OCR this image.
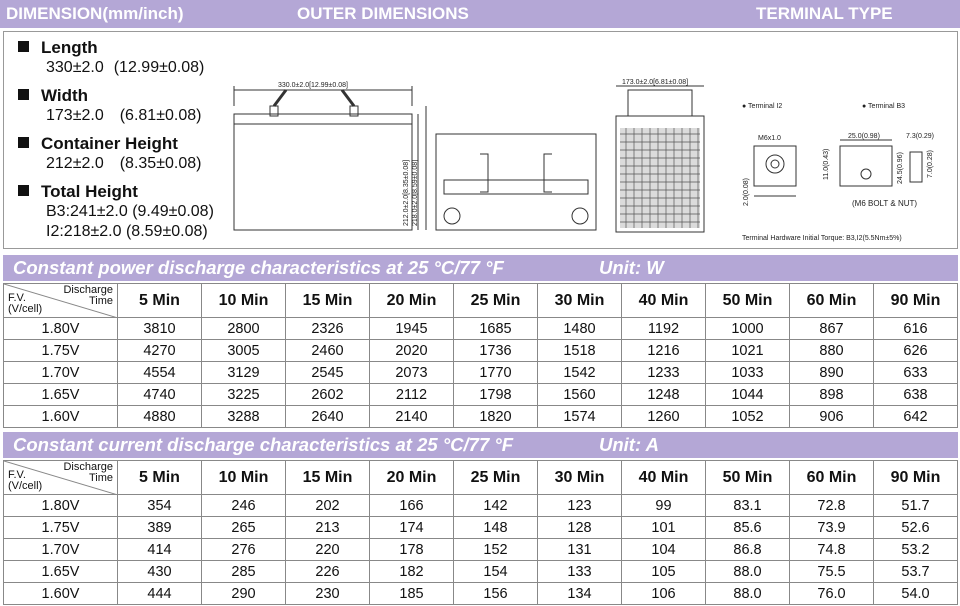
DIMENSION(mm/inch)	OUTER DIMENSIONS	TERMINAL TYPE
Length
330±2.0 (12.99±0.08)
Width
173±2.0 (6.81±0.08)
Container Height
212±2.0 (8.35±0.08)
Total Height
B3:241±2.0 (9.49±0.08)
I2:218±2.0 (8.59±0.08)
330.0±2.0[12.99±0.08]
212.0±2.0[8.35±0.08] 218.0±2.0[8.59±0.08]
173.0±2.0[6.81±0.08]
● Terminal I2	● Terminal B3
M6x1.0
11.0(0.43)
2.0(0.08)
25.0(0.98)	7.3(0.29)
24.5(0.96)	7.0(0.28)
(M6 BOLT & NUT)
Terminal Hardware Initial Torque: B3,I2(5.5Nm±5%)
Constant power discharge characteristics at 25 °C/77 °F	Unit: W
Discharge
Time
F.V.
(V/cell)	5 Min	10 Min	15 Min	20 Min	25 Min	30 Min	40 Min	50 Min	60 Min	90 Min
1.80V	3810	2800	2326	1945	1685	1480	1192	1000	867	616
1.75V	4270	3005	2460	2020	1736	1518	1216	1021	880	626
1.70V	4554	3129	2545	2073	1770	1542	1233	1033	890	633
1.65V	4740	3225	2602	2112	1798	1560	1248	1044	898	638
1.60V	4880	3288	2640	2140	1820	1574	1260	1052	906	642
Constant current discharge characteristics at 25 °C/77 °F	Unit: A
Discharge
Time
F.V.
(V/cell)	5 Min	10 Min	15 Min	20 Min	25 Min	30 Min	40 Min	50 Min	60 Min	90 Min
1.80V	354	246	202	166	142	123	99	83.1	72.8	51.7
1.75V	389	265	213	174	148	128	101	85.6	73.9	52.6
1.70V	414	276	220	178	152	131	104	86.8	74.8	53.2
1.65V	430	285	226	182	154	133	105	88.0	75.5	53.7
1.60V	444	290	230	185	156	134	106	88.0	76.0	54.0
